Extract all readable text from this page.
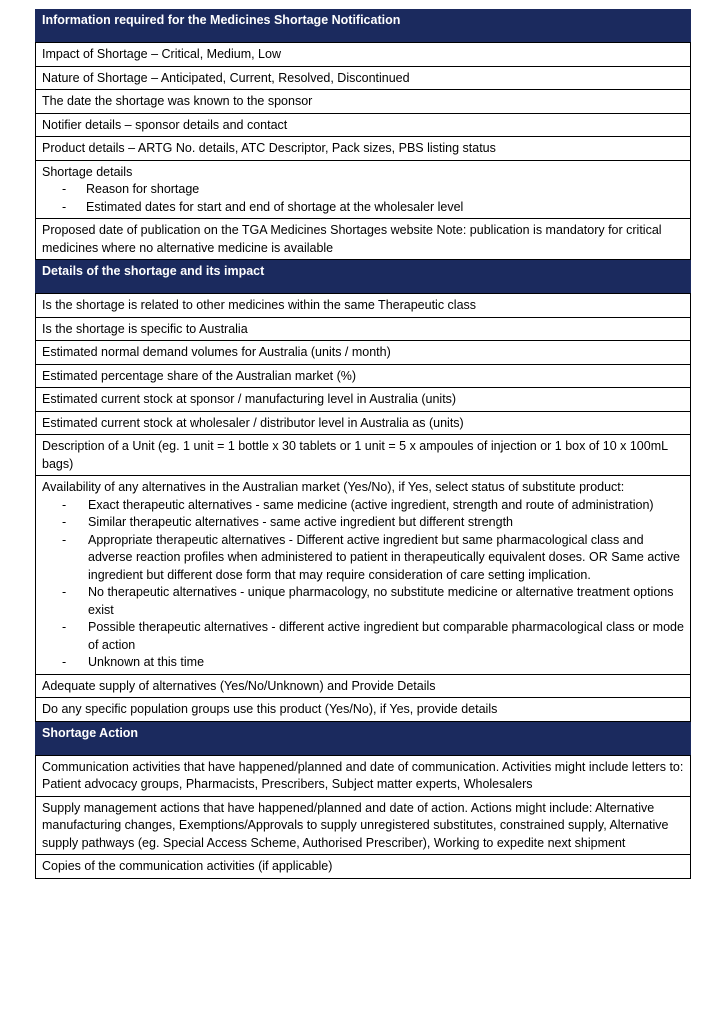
Information required for the Medicines Shortage Notification
Impact of Shortage – Critical, Medium, Low
Nature of Shortage – Anticipated, Current, Resolved, Discontinued
The date the shortage was known to the sponsor
Notifier details – sponsor details and contact
Product details – ARTG No. details, ATC Descriptor, Pack sizes, PBS listing status
Shortage details
- Reason for shortage
- Estimated dates for start and end of shortage at the wholesaler level
Proposed date of publication on the TGA Medicines Shortages website Note: publication is mandatory for critical medicines where no alternative medicine is available
Details of the shortage and its impact
Is the shortage is related to other medicines within the same Therapeutic class
Is the shortage is specific to Australia
Estimated normal demand volumes for Australia (units / month)
Estimated percentage share of the Australian market (%)
Estimated current stock at sponsor / manufacturing level in Australia (units)
Estimated current stock at wholesaler / distributor level in Australia as (units)
Description of a Unit (eg. 1 unit = 1 bottle x 30 tablets or 1 unit = 5 x ampoules of injection or 1 box of 10 x 100mL bags)
Availability of any alternatives in the Australian market (Yes/No), if Yes, select status of substitute product:
- Exact therapeutic alternatives - same medicine (active ingredient, strength and route of administration)
- Similar therapeutic alternatives - same active ingredient but different strength
- Appropriate therapeutic alternatives - Different active ingredient but same pharmacological class and adverse reaction profiles when administered to patient in therapeutically equivalent doses. OR Same active ingredient but different dose form that may require consideration of care setting implication.
- No therapeutic alternatives - unique pharmacology, no substitute medicine or alternative treatment options exist
- Possible therapeutic alternatives - different active ingredient but comparable pharmacological class or mode of action
- Unknown at this time
Adequate supply of alternatives (Yes/No/Unknown) and Provide Details
Do any specific population groups use this product (Yes/No), if Yes, provide details
Shortage Action
Communication activities that have happened/planned and date of communication. Activities might include letters to: Patient advocacy groups, Pharmacists, Prescribers, Subject matter experts, Wholesalers
Supply management actions that have happened/planned and date of action. Actions might include: Alternative manufacturing changes, Exemptions/Approvals to supply unregistered substitutes, constrained supply, Alternative supply pathways (eg. Special Access Scheme, Authorised Prescriber), Working to expedite next shipment
Copies of the communication activities (if applicable)
